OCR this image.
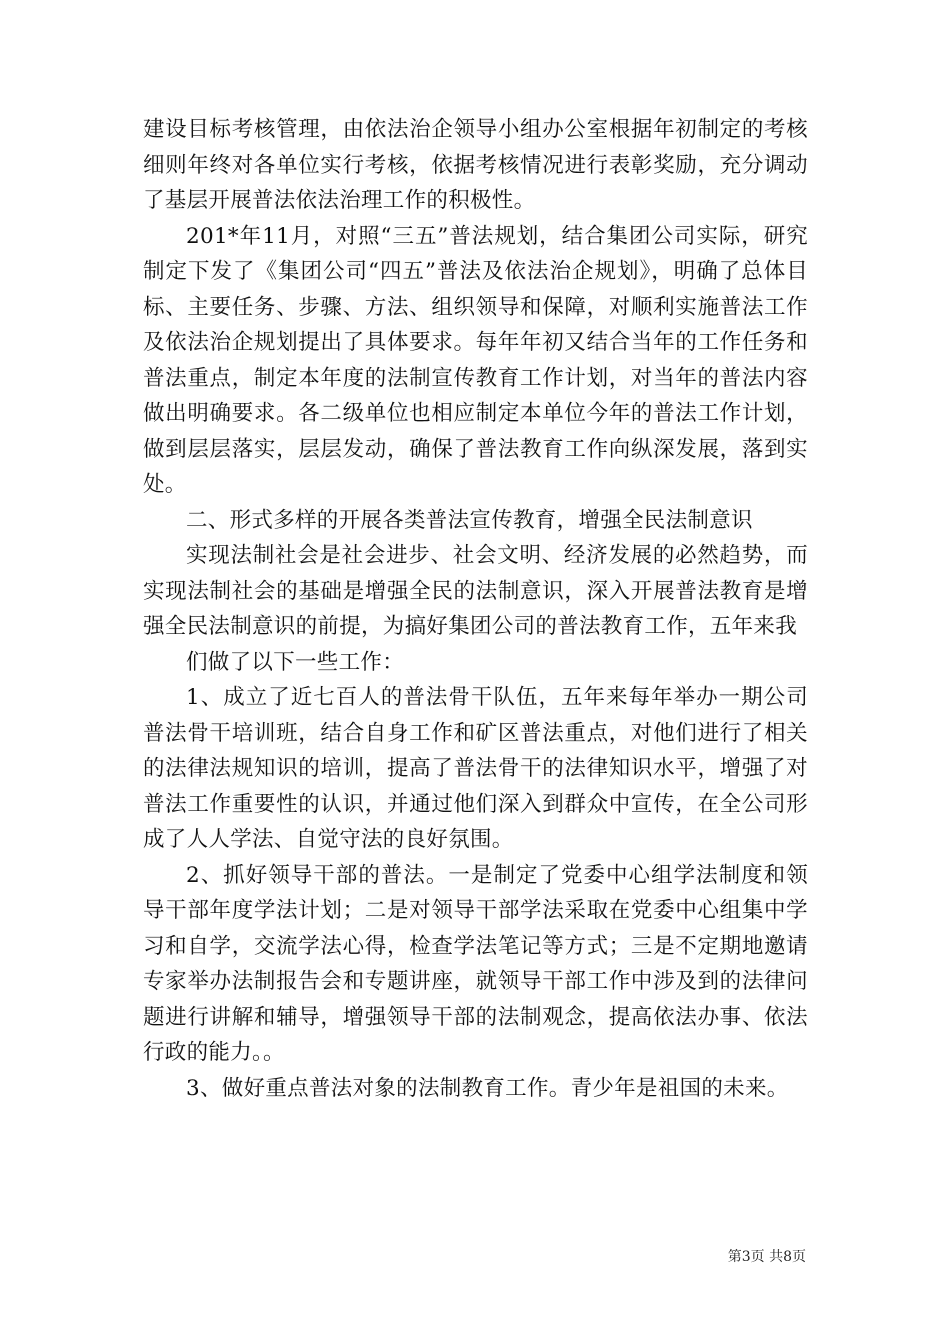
建设目标考核管理，由依法治企领导小组办公室根据年初制定的考核细则年终对各单位实行考核，依据考核情况进行表彰奖励，充分调动了基层开展普法依法治理工作的积极性。

201*年11月，对照“三五”普法规划，结合集团公司实际，研究制定下发了《集团公司“四五”普法及依法治企规划》，明确了总体目标、主要任务、步骤、方法、组织领导和保障，对顺利实施普法工作及依法治企规划提出了具体要求。每年年初又结合当年的工作任务和普法重点，制定本年度的法制宣传教育工作计划，对当年的普法内容做出明确要求。各二级单位也相应制定本单位今年的普法工作计划，做到层层落实，层层发动，确保了普法教育工作向纵深发展，落到实处。

二、形式多样的开展各类普法宣传教育，增强全民法制意识

实现法制社会是社会进步、社会文明、经济发展的必然趋势，而实现法制社会的基础是增强全民的法制意识，深入开展普法教育是增强全民法制意识的前提，为搞好集团公司的普法教育工作，五年来我

们做了以下一些工作：

1、成立了近七百人的普法骨干队伍，五年来每年举办一期公司普法骨干培训班，结合自身工作和矿区普法重点，对他们进行了相关的法律法规知识的培训，提高了普法骨干的法律知识水平，增强了对普法工作重要性的认识，并通过他们深入到群众中宣传，在全公司形成了人人学法、自觉守法的良好氛围。

2、抓好领导干部的普法。一是制定了党委中心组学法制度和领导干部年度学法计划；二是对领导干部学法采取在党委中心组集中学习和自学，交流学法心得，检查学法笔记等方式；三是不定期地邀请专家举办法制报告会和专题讲座，就领导干部工作中涉及到的法律问题进行讲解和辅导，增强领导干部的法制观念，提高依法办事、依法行政的能力。。

3、做好重点普法对象的法制教育工作。青少年是祖国的未来。

第3页 共8页
